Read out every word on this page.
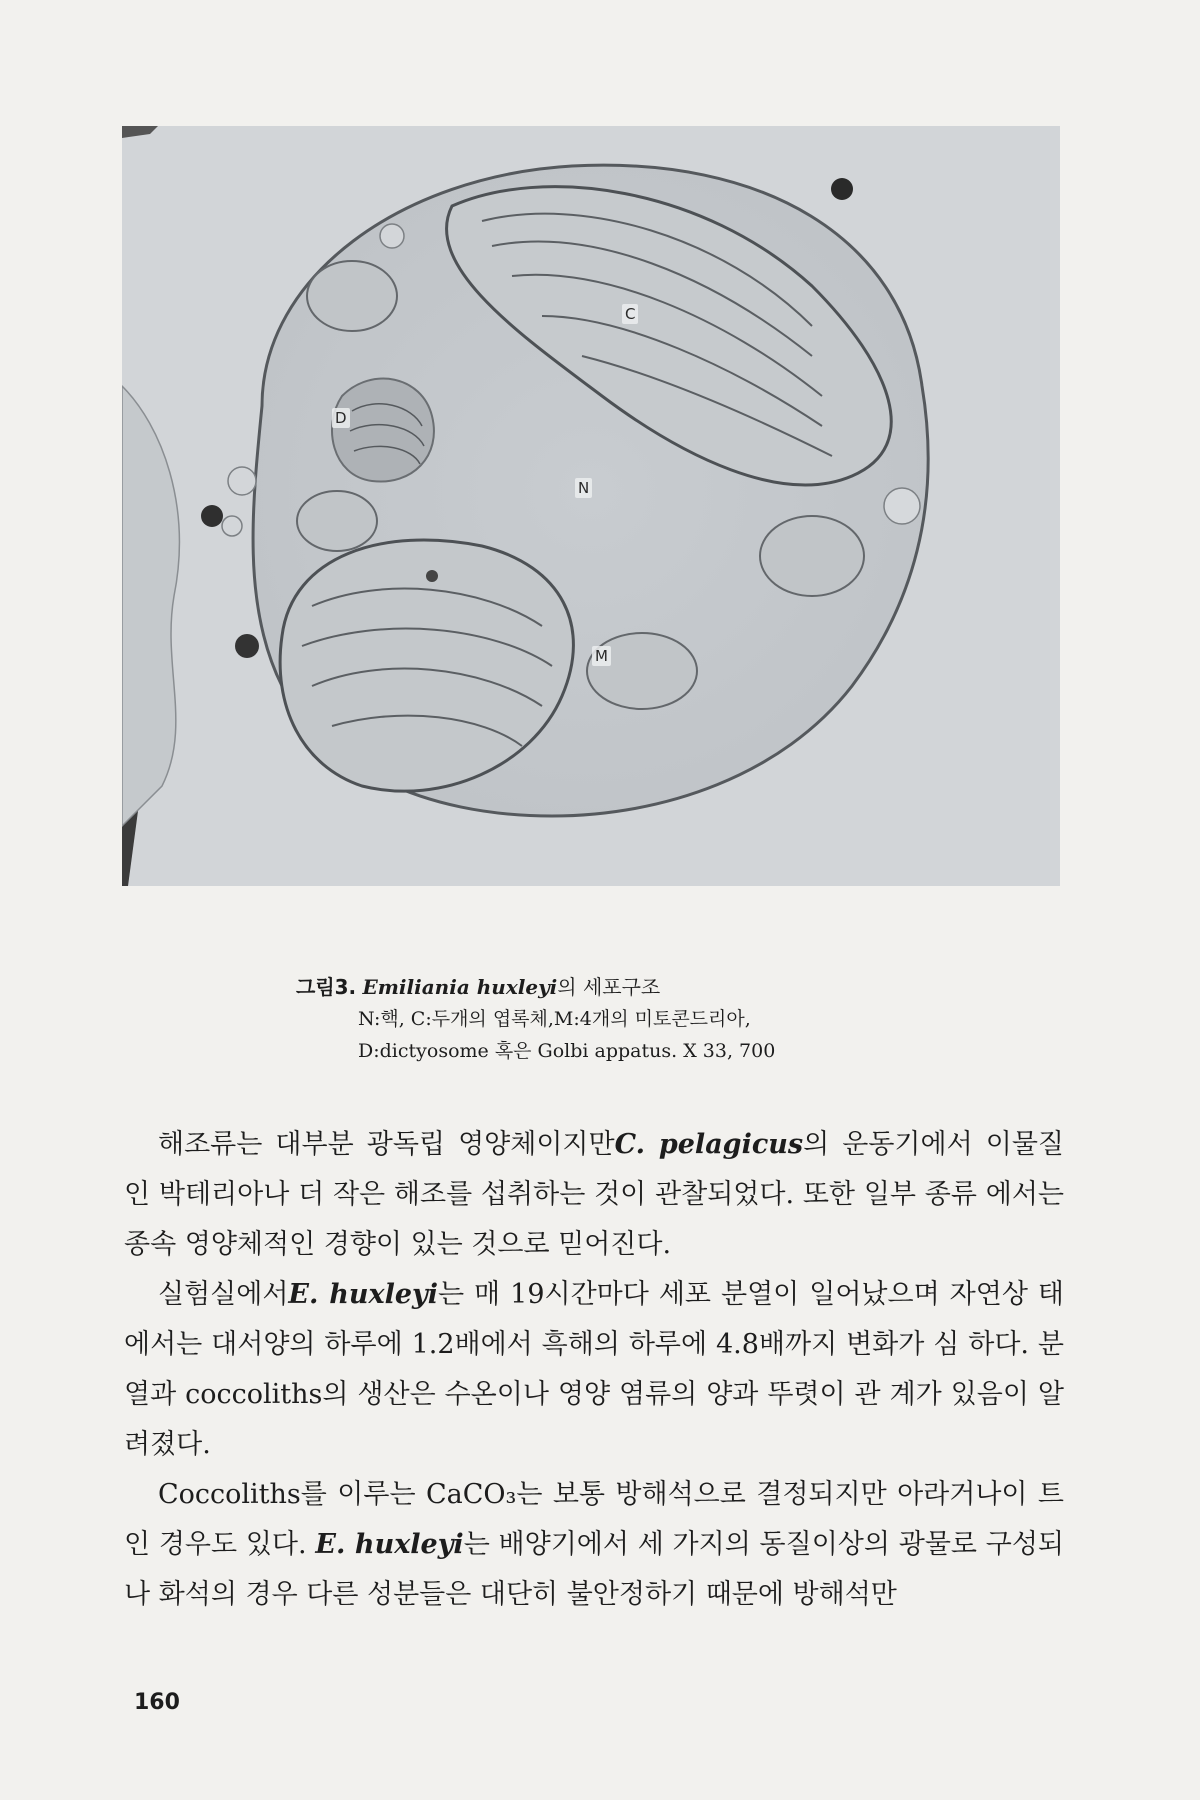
C
D
N
M
그림3. Emiliania huxleyi의 세포구조
N:핵, C:두개의 엽록체,M:4개의 미토콘드리아,
D:dictyosome 혹은 Golbi appatus. X 33, 700

해조류는 대부분 광독립 영양체이지만C. pelagicus의 운동기에서 이물질 인 박테리아나 더 작은 해조를 섭취하는 것이 관찰되었다. 또한 일부 종류 에서는 종속 영양체적인 경향이 있는 것으로 믿어진다.

실험실에서E. huxleyi는 매 19시간마다 세포 분열이 일어났으며 자연상 태에서는 대서양의 하루에 1.2배에서 흑해의 하루에 4.8배까지 변화가 심 하다. 분열과 coccoliths의 생산은 수온이나 영양 염류의 양과 뚜렷이 관 계가 있음이 알려졌다.

Coccoliths를 이루는 CaCO₃는 보통 방해석으로 결정되지만 아라거나이 트인 경우도 있다. E. huxleyi는 배양기에서 세 가지의 동질이상의 광물로 구성되나 화석의 경우 다른 성분들은 대단히 불안정하기 때문에 방해석만

160
